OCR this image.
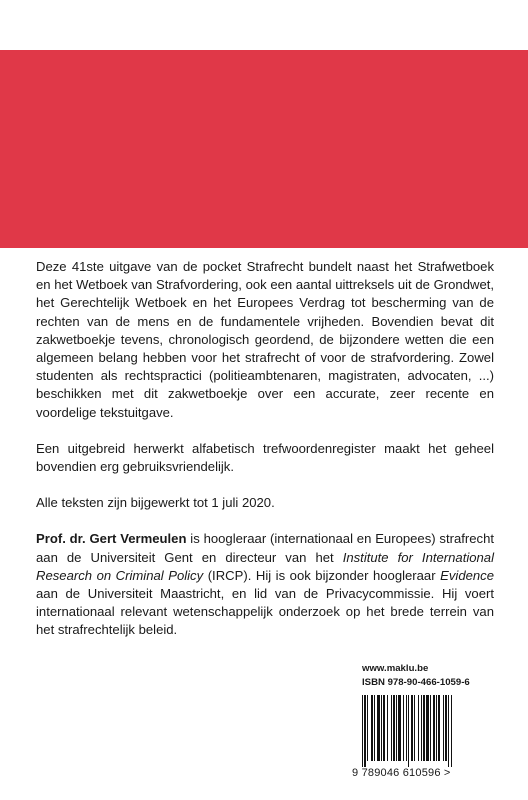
Deze 41ste uitgave van de pocket Strafrecht bundelt naast het Strafwetboek en het Wetboek van Strafvordering, ook een aantal uittreksels uit de Grondwet, het Gerechtelijk Wetboek en het Europees Verdrag tot bescherming van de rechten van de mens en de fundamentele vrijheden. Bovendien bevat dit zakwetboekje tevens, chronologisch geordend, de bijzondere wetten die een algemeen belang hebben voor het strafrecht of voor de strafvordering. Zowel studenten als rechtspractici (politieambtenaren, magistraten, advocaten, ...) beschikken met dit zakwetboekje over een accurate, zeer recente en voordelige tekstuitgave.

Een uitgebreid herwerkt alfabetisch trefwoordenregister maakt het geheel bovendien erg gebruiksvriendelijk.

Alle teksten zijn bijgewerkt tot 1 juli 2020.

Prof. dr. Gert Vermeulen is hoogleraar (internationaal en Europees) strafrecht aan de Universiteit Gent en directeur van het Institute for International Research on Criminal Policy (IRCP). Hij is ook bijzonder hoogleraar Evidence aan de Universiteit Maastricht, en lid van de Privacycommissie. Hij voert internationaal relevant wetenschappelijk onderzoek op het brede terrein van het strafrechtelijk beleid.

www.maklu.be
ISBN 978-90-466-1059-6
9 789046 610596 >
